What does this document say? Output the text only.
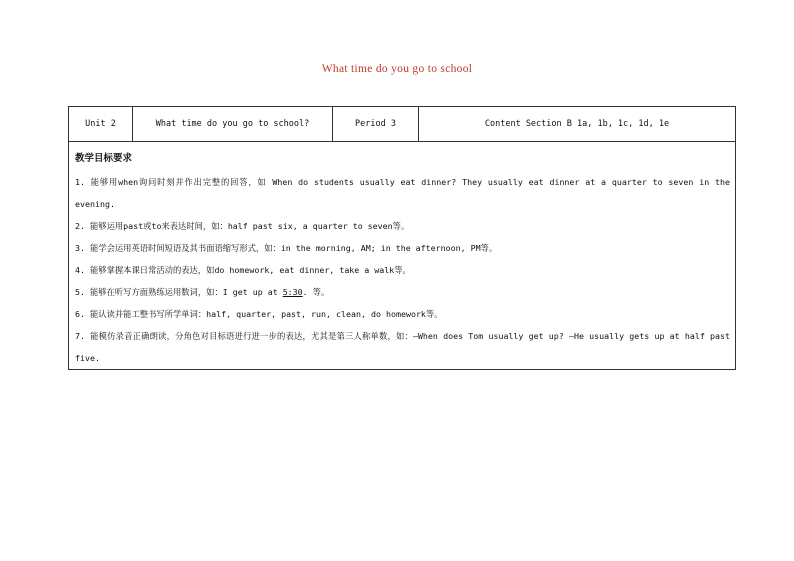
What time do you go to school
Unit 2	What time do you go to school?	Period 3	Content Section B 1a, 1b, 1c, 1d, 1e

教学目标要求
1. 能够用when询问时刻并作出完整的回答，如 When do students usually eat dinner? They usually eat dinner at a quarter to seven in the evening.
2. 能够运用past或to来表达时间，如：half past six, a quarter to seven等。
3. 能学会运用英语时间短语及其书面语缩写形式，如：in the morning, AM; in the afternoon, PM等。
4. 能够掌握本课日常活动的表达，如do homework, eat dinner, take a walk等。
5. 能够在听写方面熟练运用数词，如：I get up at 5:30. 等。
6. 能认读并能工整书写所学单词：half, quarter, past, run, clean, do homework等。
7. 能模仿录音正确朗读，分角色对目标语进行进一步的表达，尤其是第三人称单数，如：—When does Tom usually get up? —He usually gets up at half past five.
